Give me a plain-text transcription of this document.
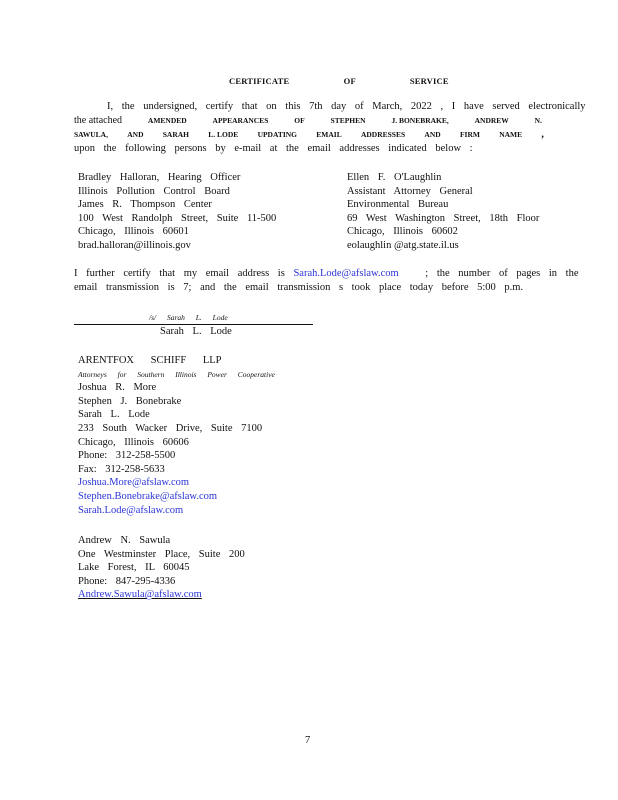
CERTIFICATE OF SERVICE
I, the undersigned, certify that on this 7th day of March, 2022 , I have served electronically
the attached	AMENDED	APPEARANCES	OF	STEPHEN	J. BONEBRAKE,	ANDREW	N.
SAWULA,	AND	SARAH	L. LODE	UPDATING	EMAIL	ADDRESSES	AND	FIRM	NAME ,
upon the following persons by e-mail at the email addresses indicated below :
Bradley Halloran, Hearing Officer
Illinois Pollution Control Board
James R. Thompson Center
100 West Randolph Street, Suite 11-500
Chicago, Illinois 60601
brad.halloran@illinois.gov
Ellen F. O'Laughlin
Assistant Attorney General
Environmental Bureau
69 West Washington Street, 18th Floor
Chicago, Illinois 60602
eolaughlin @atg.state.il.us
I further certify that my email address is Sarah.Lode@afslaw.com	; the number of pages in the
email transmission is 7; and the email transmission s took place today before 5:00 p.m.
/s/ Sarah L. Lode
Sarah L. Lode
ARENTFOX SCHIFF LLP
Attorneys for Southern Illinois Power Cooperative
Joshua R. More
Stephen J. Bonebrake
Sarah L. Lode
233 South Wacker Drive, Suite 7100
Chicago, Illinois 60606
Phone: 312-258-5500
Fax: 312-258-5633
Joshua.More@afslaw.com
Stephen.Bonebrake@afslaw.com
Sarah.Lode@afslaw.com
Andrew N. Sawula
One Westminster Place, Suite 200
Lake Forest, IL 60045
Phone: 847-295-4336
Andrew.Sawula@afslaw.com
7
